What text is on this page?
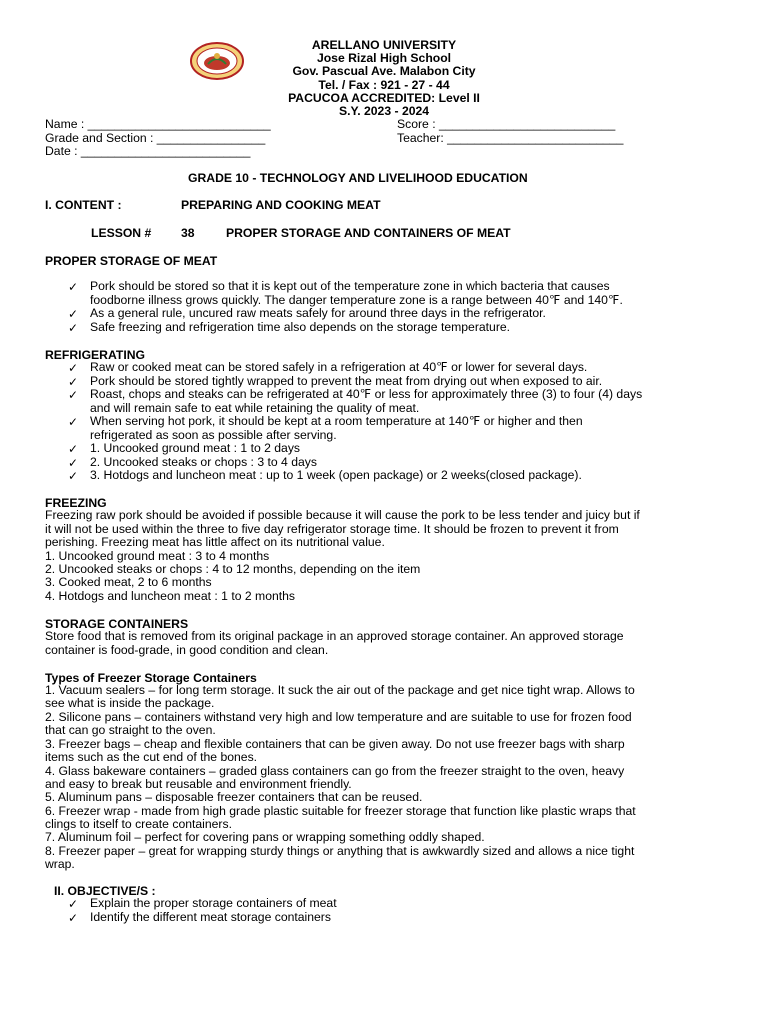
ARELLANO UNIVERSITY
Jose Rizal High School
Gov. Pascual Ave. Malabon City
Tel. / Fax : 921 - 27 - 44
PACUCOA ACCREDITED: Level II
S.Y. 2023 - 2024
Name : ___________________________
Grade and Section : ________________
Date : _________________________
Score : __________________________
Teacher: __________________________
GRADE 10 - TECHNOLOGY AND LIVELIHOOD EDUCATION
I. CONTENT :	PREPARING AND COOKING MEAT
LESSON # 38	PROPER STORAGE AND CONTAINERS OF MEAT
PROPER STORAGE OF MEAT
✓ Pork should be stored so that it is kept out of the temperature zone in which bacteria that causes
foodborne illness grows quickly. The danger temperature zone is a range between 40℉ and 140℉.
✓ As a general rule, uncured raw meats safely for around three days in the refrigerator.
✓ Safe freezing and refrigeration time also depends on the storage temperature.
REFRIGERATING
✓ Raw or cooked meat can be stored safely in a refrigeration at 40℉ or lower for several days.
✓ Pork should be stored tightly wrapped to prevent the meat from drying out when exposed to air.
✓ Roast, chops and steaks can be refrigerated at 40℉ or less for approximately three (3) to four (4) days
and will remain safe to eat while retaining the quality of meat.
✓ When serving hot pork, it should be kept at a room temperature at 140℉ or higher and then
refrigerated as soon as possible after serving.
✓ 1. Uncooked ground meat : 1 to 2 days
✓ 2. Uncooked steaks or chops : 3 to 4 days
✓ 3. Hotdogs and luncheon meat : up to 1 week (open package) or 2 weeks(closed package).
FREEZING
Freezing raw pork should be avoided if possible because it will cause the pork to be less tender and juicy but if
it will not be used within the three to five day refrigerator storage time. It should be frozen to prevent it from
perishing. Freezing meat has little affect on its nutritional value.
1. Uncooked ground meat : 3 to 4 months
2. Uncooked steaks or chops : 4 to 12 months, depending on the item
3. Cooked meat, 2 to 6 months
4. Hotdogs and luncheon meat : 1 to 2 months
STORAGE CONTAINERS
Store food that is removed from its original package in an approved storage container. An approved storage
container is food-grade, in good condition and clean.
Types of Freezer Storage Containers
1. Vacuum sealers – for long term storage. It suck the air out of the package and get nice tight wrap. Allows to
see what is inside the package.
2. Silicone pans – containers withstand very high and low temperature and are suitable to use for frozen food
that can go straight to the oven.
3. Freezer bags – cheap and flexible containers that can be given away. Do not use freezer bags with sharp
items such as the cut end of the bones.
4. Glass bakeware containers – graded glass containers can go from the freezer straight to the oven, heavy
and easy to break but reusable and environment friendly.
5. Aluminum pans – disposable freezer containers that can be reused.
6. Freezer wrap - made from high grade plastic suitable for freezer storage that function like plastic wraps that
clings to itself to create containers.
7. Aluminum foil – perfect for covering pans or wrapping something oddly shaped.
8. Freezer paper – great for wrapping sturdy things or anything that is awkwardly sized and allows a nice tight
wrap.
II. OBJECTIVE/S :
✓ Explain the proper storage containers of meat
✓ Identify the different meat storage containers
